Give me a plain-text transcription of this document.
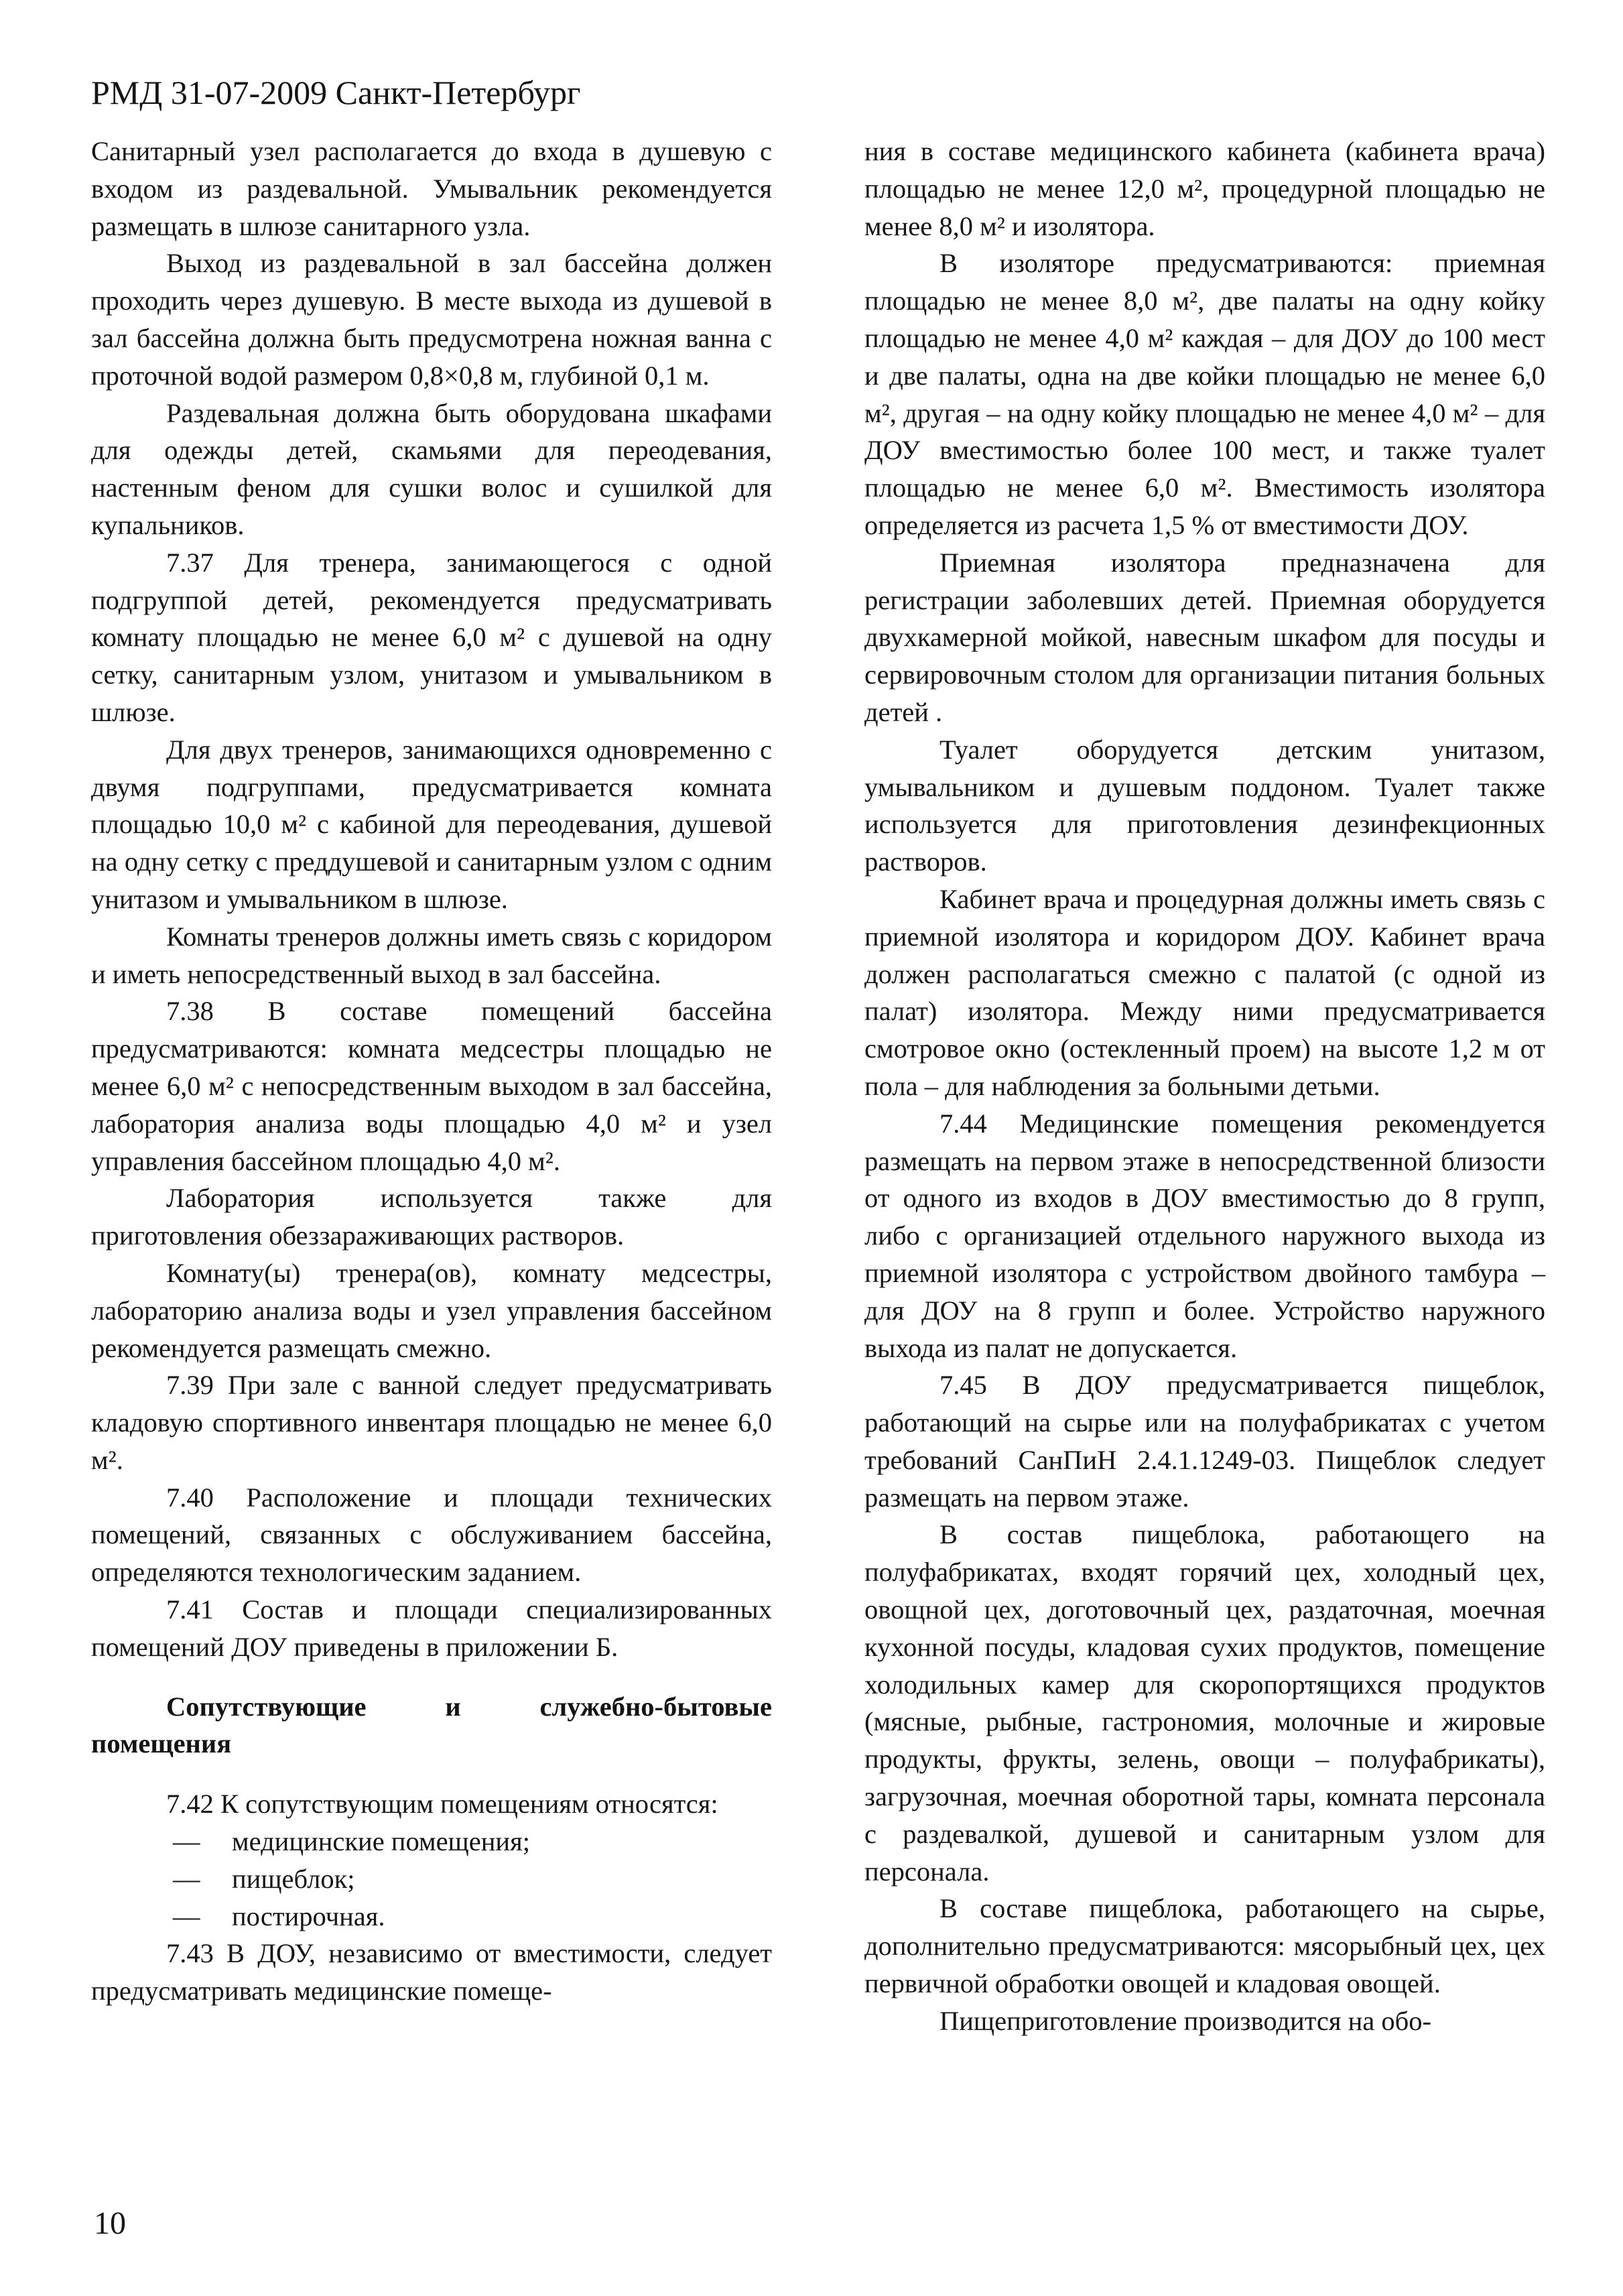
РМД 31-07-2009 Санкт-Петербург

Санитарный узел располагается до входа в душевую с входом из раздевальной. Умывальник рекомендуется размещать в шлюзе санитарного узла.

Выход из раздевальной в зал бассейна должен проходить через душевую. В месте выхода из душевой в зал бассейна должна быть предусмотрена ножная ванна с проточной водой размером 0,8×0,8 м, глубиной 0,1 м.

Раздевальная должна быть оборудована шкафами для одежды детей, скамьями для переодевания, настенным феном для сушки волос и сушилкой для купальников.

7.37 Для тренера, занимающегося с одной подгруппой детей, рекомендуется предусматривать комнату площадью не менее 6,0 м² с душевой на одну сетку, санитарным узлом, унитазом и умывальником в шлюзе.

Для двух тренеров, занимающихся одновременно с двумя подгруппами, предусматривается комната площадью 10,0 м² с кабиной для переодевания, душевой на одну сетку с преддушевой и санитарным узлом с одним унитазом и умывальником в шлюзе.

Комнаты тренеров должны иметь связь с коридором и иметь непосредственный выход в зал бассейна.

7.38 В составе помещений бассейна предусматриваются: комната медсестры площадью не менее 6,0 м² с непосредственным выходом в зал бассейна, лаборатория анализа воды площадью 4,0 м² и узел управления бассейном площадью 4,0 м².

Лаборатория используется также для приготовления обеззараживающих растворов.

Комнату(ы) тренера(ов), комнату медсестры, лабораторию анализа воды и узел управления бассейном рекомендуется размещать смежно.

7.39 При зале с ванной следует предусматривать кладовую спортивного инвентаря площадью не менее 6,0 м².

7.40 Расположение и площади технических помещений, связанных с обслуживанием бассейна, определяются технологическим заданием.

7.41 Состав и площади специализированных помещений ДОУ приведены в приложении Б.

Сопутствующие и служебно-бытовые помещения

7.42 К сопутствующим помещениям относятся:

—	медицинские помещения;
—	пищеблок;
—	постирочная.

7.43 В ДОУ, независимо от вместимости, следует предусматривать медицинские помеще-

ния в составе медицинского кабинета (кабинета врача) площадью не менее 12,0 м², процедурной площадью не менее 8,0 м² и изолятора.

В изоляторе предусматриваются: приемная площадью не менее 8,0 м², две палаты на одну койку площадью не менее 4,0 м² каждая – для ДОУ до 100 мест и две палаты, одна на две койки площадью не менее 6,0 м², другая – на одну койку площадью не менее 4,0 м² – для ДОУ вместимостью более 100 мест, и также туалет площадью не менее 6,0 м². Вместимость изолятора определяется из расчета 1,5 % от вместимости ДОУ.

Приемная изолятора предназначена для регистрации заболевших детей. Приемная оборудуется двухкамерной мойкой, навесным шкафом для посуды и сервировочным столом для организации питания больных детей .

Туалет оборудуется детским унитазом, умывальником и душевым поддоном. Туалет также используется для приготовления дезинфекционных растворов.

Кабинет врача и процедурная должны иметь связь с приемной изолятора и коридором ДОУ. Кабинет врача должен располагаться смежно с палатой (с одной из палат) изолятора. Между ними предусматривается смотровое окно (остекленный проем) на высоте 1,2 м от пола – для наблюдения за больными детьми.

7.44 Медицинские помещения рекомендуется размещать на первом этаже в непосредственной близости от одного из входов в ДОУ вместимостью до 8 групп, либо с организацией отдельного наружного выхода из приемной изолятора с устройством двойного тамбура – для ДОУ на 8 групп и более. Устройство наружного выхода из палат не допускается.

7.45 В ДОУ предусматривается пищеблок, работающий на сырье или на полуфабрикатах с учетом требований СанПиН 2.4.1.1249-03. Пищеблок следует размещать на первом этаже.

В состав пищеблока, работающего на полуфабрикатах, входят горячий цех, холодный цех, овощной цех, доготовочный цех, раздаточная, моечная кухонной посуды, кладовая сухих продуктов, помещение холодильных камер для скоропортящихся продуктов (мясные, рыбные, гастрономия, молочные и жировые продукты, фрукты, зелень, овощи – полуфабрикаты), загрузочная, моечная оборотной тары, комната персонала с раздевалкой, душевой и санитарным узлом для персонала.

В составе пищеблока, работающего на сырье, дополнительно предусматриваются: мясорыбный цех, цех первичной обработки овощей и кладовая овощей.

Пищеприготовление производится на обо-

10
